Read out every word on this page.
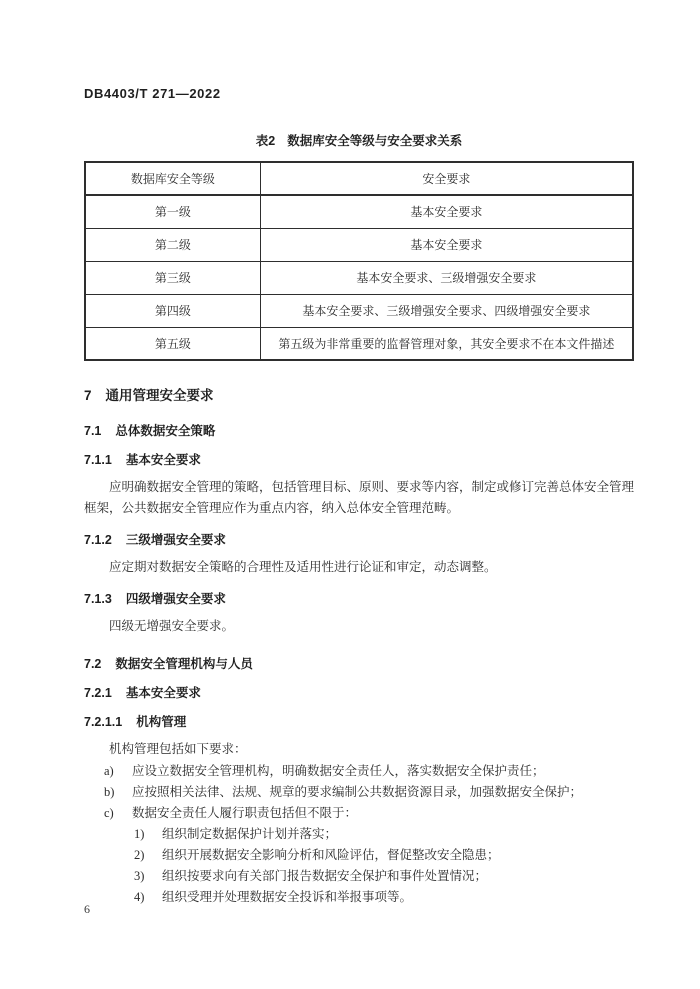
DB4403/T 271—2022
表2 数据库安全等级与安全要求关系
数据库安全等级	安全要求
第一级	基本安全要求
第二级	基本安全要求
第三级	基本安全要求、三级增强安全要求
第四级	基本安全要求、三级增强安全要求、四级增强安全要求
第五级	第五级为非常重要的监督管理对象，其安全要求不在本文件描述
7 通用管理安全要求
7.1 总体数据安全策略
7.1.1 基本安全要求
应明确数据安全管理的策略，包括管理目标、原则、要求等内容，制定或修订完善总体安全管理框架，公共数据安全管理应作为重点内容，纳入总体安全管理范畴。
7.1.2 三级增强安全要求
应定期对数据安全策略的合理性及适用性进行论证和审定，动态调整。
7.1.3 四级增强安全要求
四级无增强安全要求。
7.2 数据安全管理机构与人员
7.2.1 基本安全要求
7.2.1.1 机构管理
机构管理包括如下要求：
a)	应设立数据安全管理机构，明确数据安全责任人，落实数据安全保护责任；
b)	应按照相关法律、法规、规章的要求编制公共数据资源目录，加强数据安全保护；
c)	数据安全责任人履行职责包括但不限于：
1)	组织制定数据保护计划并落实；
2)	组织开展数据安全影响分析和风险评估，督促整改安全隐患；
3)	组织按要求向有关部门报告数据安全保护和事件处置情况；
4)	组织受理并处理数据安全投诉和举报事项等。
6
